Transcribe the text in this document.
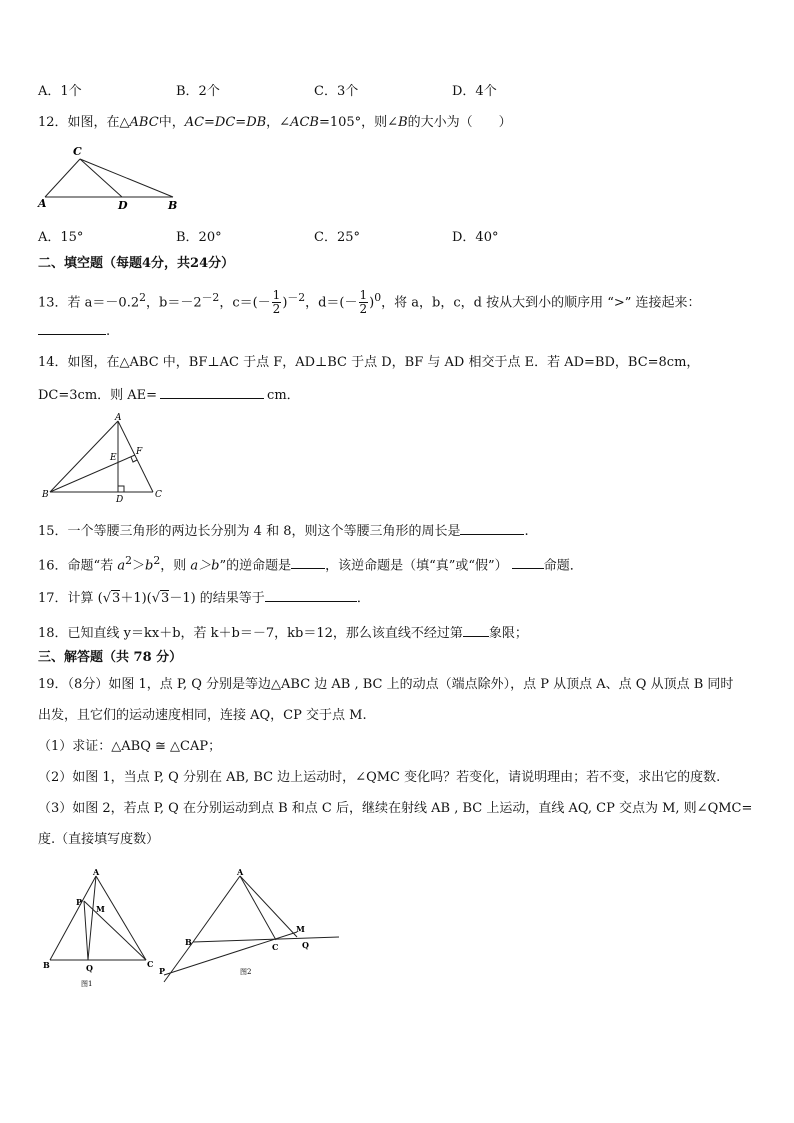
A．1个	B．2个	C．3个	D．4个
12．如图，在△ABC中，AC=DC=DB，∠ACB=105°，则∠B的大小为（　　）
C
A	D	B
A．15°	B．20°	C．25°	D．40°
二、填空题（每题4分，共24分）
13．若 $a=-0.2^2$，$b=-2^{-2}$，$c=(- \frac{1}{2} )^{-2}$，$d=(- \frac{1}{2} )^0$，将 a，b，c，d 按从大到小的顺序用 “>” 连接起来：
.
14．如图，在△ABC 中，BF⊥AC 于点 F，AD⊥BC 于点 D，BF 与 AD 相交于点 E．若 AD=BD，BC=8cm，
DC=3cm．则 AE=	cm．
A
B	C
D
E
F
15．一个等腰三角形的两边长分别为 4 和 8，则这个等腰三角形的周长是	.
16．命题“若 $a^2>b^2$，则 a＞b”的逆命题是	，该逆命题是（填“真”或“假”）	命题．
17．计算 (√3＋1)(√3－1) 的结果等于	．
18．已知直线 y＝kx＋b，若 k＋b＝－7，kb＝12，那么该直线不经过第 象限；
三、解答题（共 78 分）
19．（8分）如图 1，点 P, Q 分别是等边△ABC 边 AB , BC 上的动点（端点除外），点 P 从顶点 A、点 Q 从顶点 B 同时
出发，且它们的运动速度相同，连接 AQ，CP 交于点 M.
（1）求证：△ABQ ≅ △CAP；
（2）如图 1，当点 P, Q 分别在 AB, BC 边上运动时，∠QMC 变化吗？若变化，请说明理由；若不变，求出它的度数.
（3）如图 2，若点 P, Q 在分别运动到点 B 和点 C 后，继续在射线 AB , BC 上运动，直线 AQ, CP 交点为 M, 则∠QMC=
度.（直接填写度数）
A
P
M
B	Q	C
图1
A
B	C
M
Q
P	图2
